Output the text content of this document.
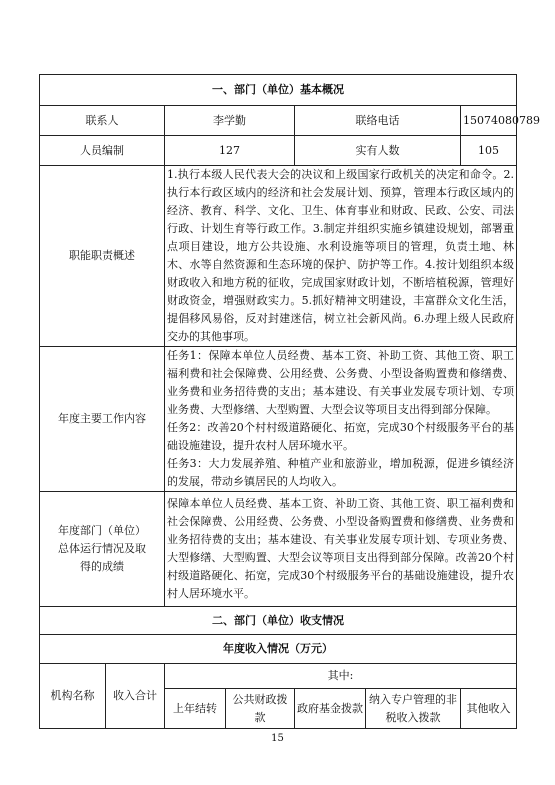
一、部门（单位）基本概况						
联系人		李学勤		联络电话		15074080789
人员编制		127		实有人数		105
职能职责概述		1.执行本级人民代表大会的决议和上级国家行政机关的决定和命令。2.执行本行政区域内的经济和社会发展计划、预算，管理本行政区域内的经济、教育、科学、文化、卫生、体育事业和财政、民政、公安、司法行政、计划生育等行政工作。3.制定并组织实施乡镇建设规划，部署重点项目建设，地方公共设施、水利设施等项目的管理，负责土地、林木、水等自然资源和生态环境的保护、防护等工作。4.按计划组织本级财政收入和地方税的征收，完成国家财政计划，不断培植税源，管理好财政资金，增强财政实力。5.抓好精神文明建设，丰富群众文化生活，提倡移风易俗，反对封建迷信，树立社会新风尚。6.办理上级人民政府交办的其他事项。				
年度主要工作内容		任务1：保障本单位人员经费、基本工资、补助工资、其他工资、职工福利费和社会保障费、公用经费、公务费、小型设备购置费和修缮费、业务费和业务招待费的支出；基本建设、有关事业发展专项计划、专项业务费、大型修缮、大型购置、大型会议等项目支出得到部分保障。
任务2：改善20个村村级道路硬化、拓宽，完成30个村级服务平台的基础设施建设，提升农村人居环境水平。
任务3：大力发展养殖、种植产业和旅游业，增加税源，促进乡镇经济的发展，带动乡镇居民的人均收入。				

年度部门（单位）
总体运行情况及取
得的成绩		保障本单位人员经费、基本工资、补助工资、其他工资、职工福利费和社会保障费、公用经费、公务费、小型设备购置费和修缮费、业务费和业务招待费的支出；基本建设、有关事业发展专项计划、专项业务费、大型修缮、大型购置、大型会议等项目支出得到部分保障。改善20个村村级道路硬化、拓宽，完成30个村级服务平台的基础设施建设，提升农村人居环境水平。				
二、部门（单位）收支情况						
年度收入情况（万元）						
机构名称	收入合计	其中:				
		上年结转	公共财政拨款	政府基金拨款	纳入专户管理的非税收入拨款	其他收入
15
